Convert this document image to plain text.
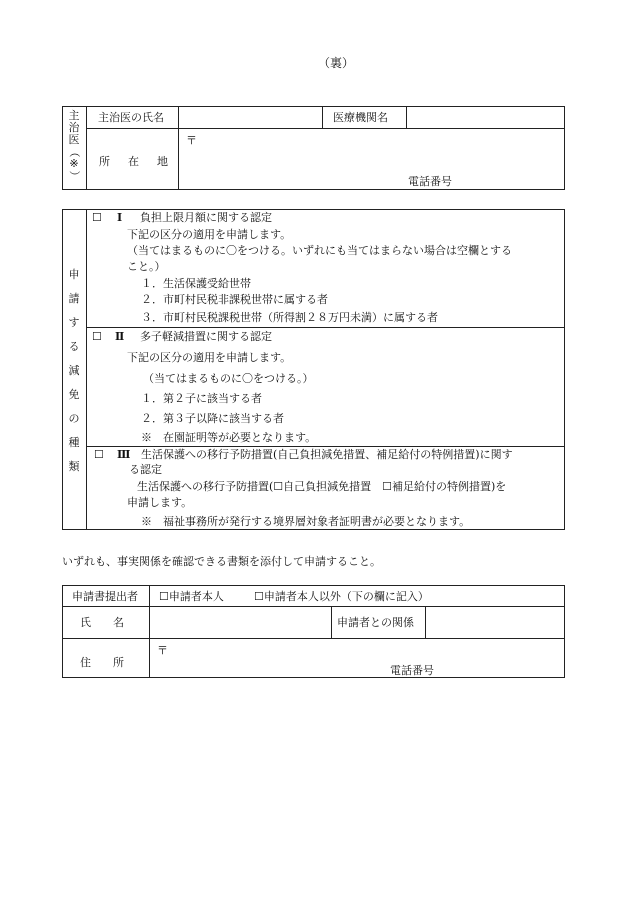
（裏）
主
治
医
（
※
）
主治医の氏名	医療機関名
所 在 地
〒
電話番号
申
請
す
る
減
免
の
種
類
☐ Ⅰ 負担上限月額に関する認定
下記の区分の適用を申請します。
（当てはまるものに〇をつける。いずれにも当てはまらない場合は空欄とする
こと。）
１．生活保護受給世帯
２．市町村民税非課税世帯に属する者
３．市町村民税課税世帯（所得割２８万円未満）に属する者
☐ Ⅱ 多子軽減措置に関する認定
下記の区分の適用を申請します。
（当てはまるものに〇をつける。）
１．第２子に該当する者
２．第３子以降に該当する者
※　在園証明等が必要となります。
☐ Ⅲ 生活保護への移行予防措置(自己負担減免措置、補足給付の特例措置)に関す
る認定
生活保護への移行予防措置(☐自己負担減免措置　☐補足給付の特例措置)を
申請します。
※　福祉事務所が発行する境界層対象者証明書が必要となります。
いずれも、事実関係を確認できる書類を添付して申請すること。
申請書提出者 ☐申請者本人	☐申請者本人以外（下の欄に記入）
氏　　名	申請者との関係
住　　所
〒
電話番号
